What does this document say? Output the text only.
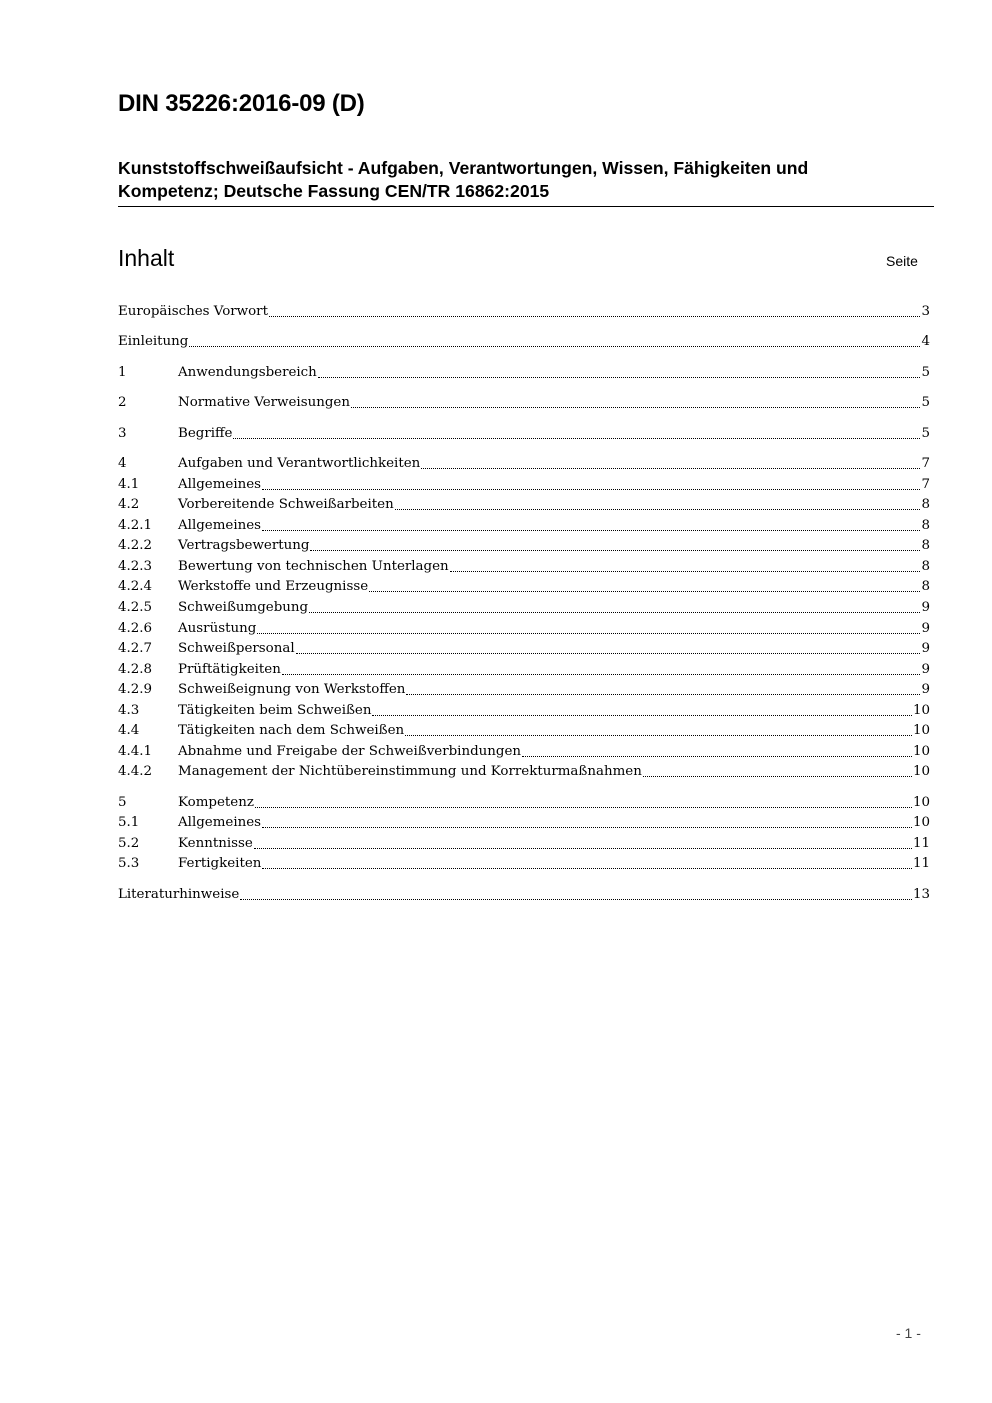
DIN 35226:2016-09 (D)
Kunststoffschweißaufsicht - Aufgaben, Verantwortungen, Wissen, Fähigkeiten und
Kompetenz; Deutsche Fassung CEN/TR 16862:2015
Inhalt	Seite
Europäisches Vorwort	3
Einleitung	4
1	Anwendungsbereich	5
2	Normative Verweisungen	5
3	Begriffe	5
4	Aufgaben und Verantwortlichkeiten	7
4.1	Allgemeines	7
4.2	Vorbereitende Schweißarbeiten	8
4.2.1	Allgemeines	8
4.2.2	Vertragsbewertung	8
4.2.3	Bewertung von technischen Unterlagen	8
4.2.4	Werkstoffe und Erzeugnisse	8
4.2.5	Schweißumgebung	9
4.2.6	Ausrüstung	9
4.2.7	Schweißpersonal	9
4.2.8	Prüftätigkeiten	9
4.2.9	Schweißeignung von Werkstoffen	9
4.3	Tätigkeiten beim Schweißen	10
4.4	Tätigkeiten nach dem Schweißen	10
4.4.1	Abnahme und Freigabe der Schweißverbindungen	10
4.4.2	Management der Nichtübereinstimmung und Korrekturmaßnahmen	10
5	Kompetenz	10
5.1	Allgemeines	10
5.2	Kenntnisse	11
5.3	Fertigkeiten	11
Literaturhinweise	13
- 1 -
